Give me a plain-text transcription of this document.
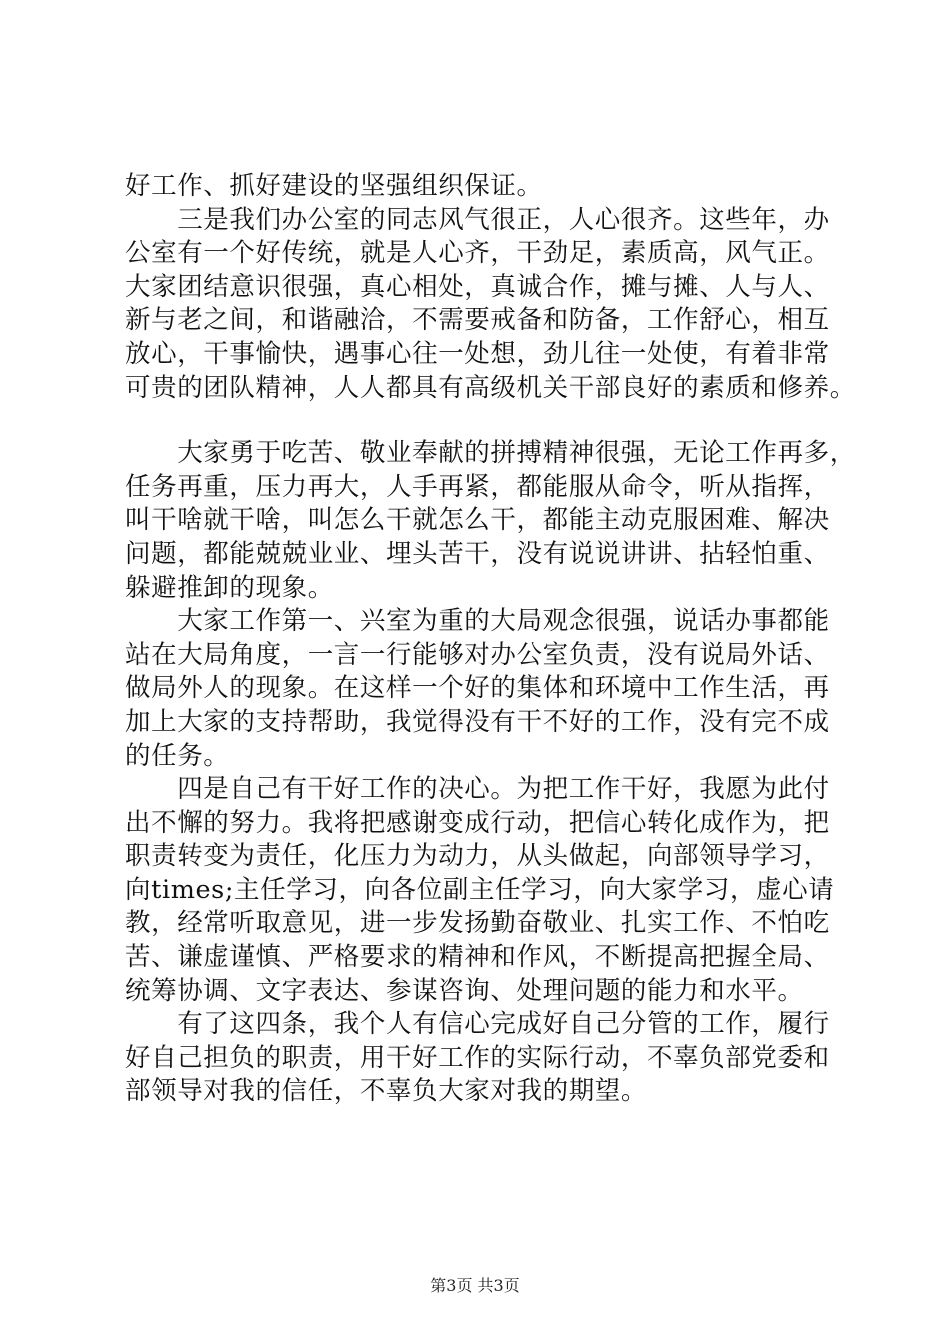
好工作、抓好建设的坚强组织保证。
　　三是我们办公室的同志风气很正，人心很齐。这些年，办
公室有一个好传统，就是人心齐，干劲足，素质高，风气正。
大家团结意识很强，真心相处，真诚合作，摊与摊、人与人、
新与老之间，和谐融洽，不需要戒备和防备，工作舒心，相互
放心，干事愉快，遇事心往一处想，劲儿往一处使，有着非常
可贵的团队精神，人人都具有高级机关干部良好的素质和修养。
　　大家勇于吃苦、敬业奉献的拼搏精神很强，无论工作再多，
任务再重，压力再大，人手再紧，都能服从命令，听从指挥，
叫干啥就干啥，叫怎么干就怎么干，都能主动克服困难、解决
问题，都能兢兢业业、埋头苦干，没有说说讲讲、拈轻怕重、
躲避推卸的现象。
　　大家工作第一、兴室为重的大局观念很强，说话办事都能
站在大局角度，一言一行能够对办公室负责，没有说局外话、
做局外人的现象。在这样一个好的集体和环境中工作生活，再
加上大家的支持帮助，我觉得没有干不好的工作，没有完不成
的任务。
　　四是自己有干好工作的决心。为把工作干好，我愿为此付
出不懈的努力。我将把感谢变成行动，把信心转化成作为，把
职责转变为责任，化压力为动力，从头做起，向部领导学习，
向times;主任学习，向各位副主任学习，向大家学习，虚心请
教，经常听取意见，进一步发扬勤奋敬业、扎实工作、不怕吃
苦、谦虚谨慎、严格要求的精神和作风，不断提高把握全局、
统筹协调、文字表达、参谋咨询、处理问题的能力和水平。
　　有了这四条，我个人有信心完成好自己分管的工作，履行
好自己担负的职责，用干好工作的实际行动，不辜负部党委和
部领导对我的信任，不辜负大家对我的期望。
第3页 共3页
